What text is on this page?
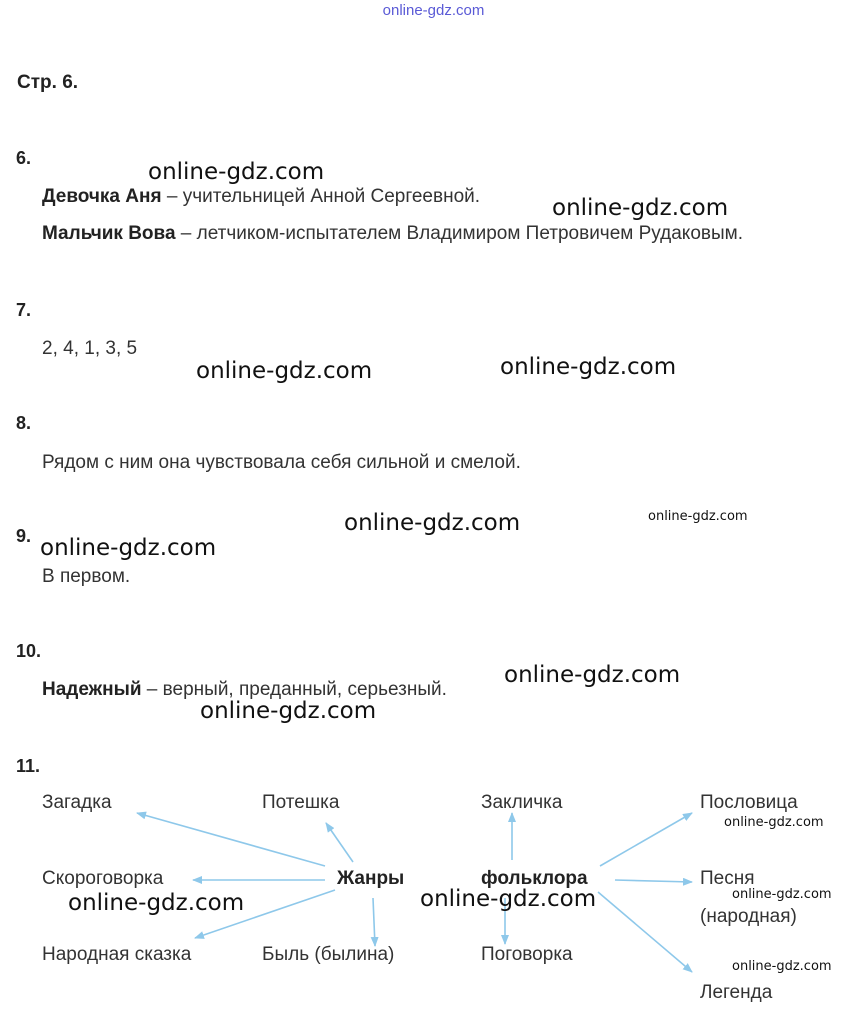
online-gdz.com
Стр. 6.
6.
Девочка Аня – учительницей Анной Сергеевной.
Мальчик Вова – летчиком-испытателем Владимиром Петровичем Рудаковым.
7.
2, 4, 1, 3, 5
8.
Рядом с ним она чувствовала себя сильной и смелой.
9.
В первом.
10.
Надежный – верный, преданный, серьезный.
11.
Загадка	Потешка
Скороговорка
Народная сказка	Быль (былина)
Жанры	фольклора
Закличка	Пословица
Песня
(народная)
Поговорка
Легенда
online-gdz.com
online-gdz.com
online-gdz.com	online-gdz.com
online-gdz.com	online-gdz.com
online-gdz.com
online-gdz.com
online-gdz.com
online-gdz.com
online-gdz.com	online-gdz.com	online-gdz.com
online-gdz.com
